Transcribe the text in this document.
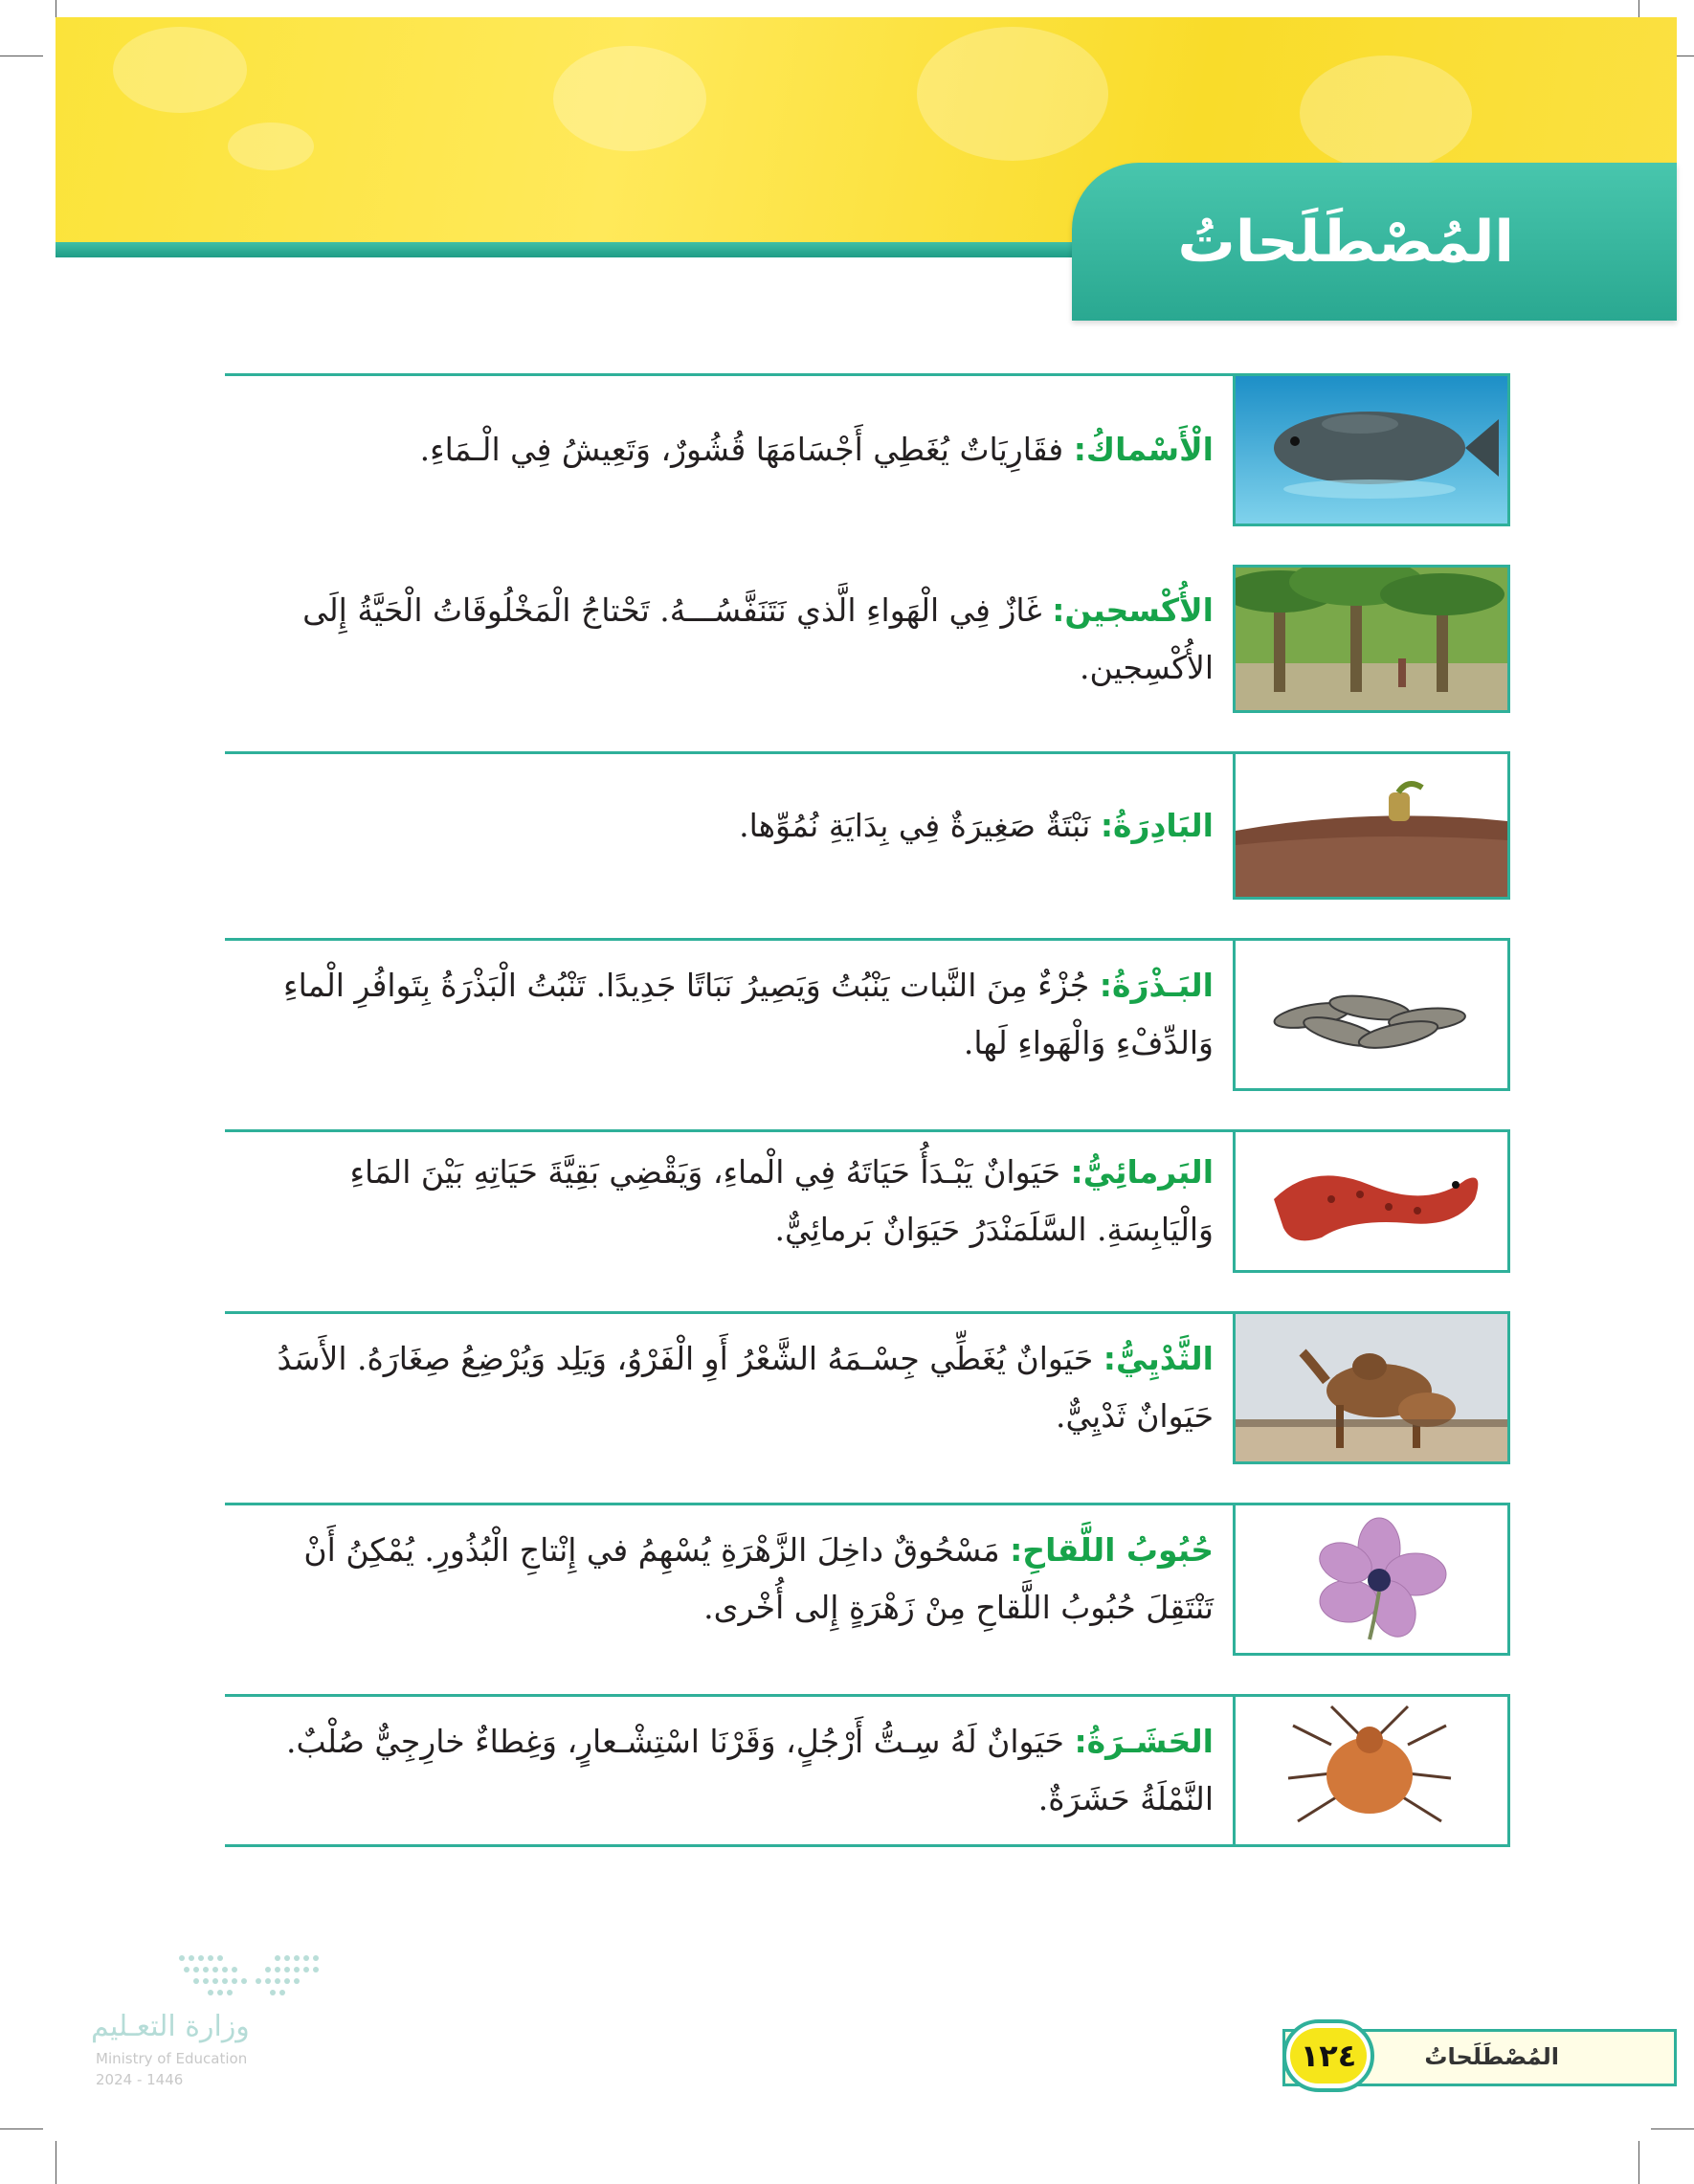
المُصْطَلَحاتُ

الْأَسْماكُ: فقَارِيَاتٌ يُغَطِي أَجْسَامَهَا قُشُورٌ، وَتَعِيشُ فِي الْـمَاءِ.

الأُكْسجين: غَازٌ فِي الْهَواءِ الَّذي نَتَنَفَّسُـــهُ. تَحْتاجُ الْمَخْلُوقَاتُ الْحَيَّةُ إِلَى الأُكْسِجين.

البَادِرَةُ: نَبْتَةٌ صَغِيرَةٌ فِي بِدَايَةِ نُمُوِّها.

البَـذْرَةُ: جُزْءٌ مِنَ النَّبات يَنْبُتُ وَيَصِيرُ نَبَاتًا جَدِيدًا. تَنْبُتُ الْبَذْرَةُ بِتَوافُرِ الْماءِ وَالدِّفْءِ وَالْهَواءِ لَها.

البَرمائِيُّ: حَيَوانٌ يَبْـدَأُ حَيَاتَهُ فِي الْماءِ، وَيَقْضِي بَقِيَّةَ حَيَاتِهِ بَيْنَ المَاءِ وَالْيَابِسَةِ. السَّلَمَنْدَرُ حَيَوَانٌ بَرمائِيٌّ.

الثَّدْيِيُّ: حَيَوانٌ يُغَطِّي جِسْـمَهُ الشَّعْرُ أَوِ الْفَرْوُ، وَيَلِد وَيُرْضِعُ صِغَارَهُ. الأَسَدُ حَيَوانٌ ثَدْيِيٌّ.

حُبُوبُ اللَّقاحِ: مَسْحُوقٌ داخِلَ الزَّهْرَةِ يُسْهِمُ في إِنْتاجِ الْبُذُورِ. يُمْكِنُ أَنْ تَنْتَقِلَ حُبُوبُ اللَّقاحِ مِنْ زَهْرَةٍ إِلى أُخْرى.

الحَشَـرَةُ: حَيَوانٌ لَهُ سِـتُّ أَرْجُلٍ، وَقَرْنَا اسْتِشْـعارٍ، وَغِطاءٌ خارِجِيٌّ صُلْبٌ. النَّمْلَةُ حَشَرَةٌ.

وزارة التعـليم
Ministry of Education
2024 - 1446
المُصْطَلَحاتُ
١٢٤
